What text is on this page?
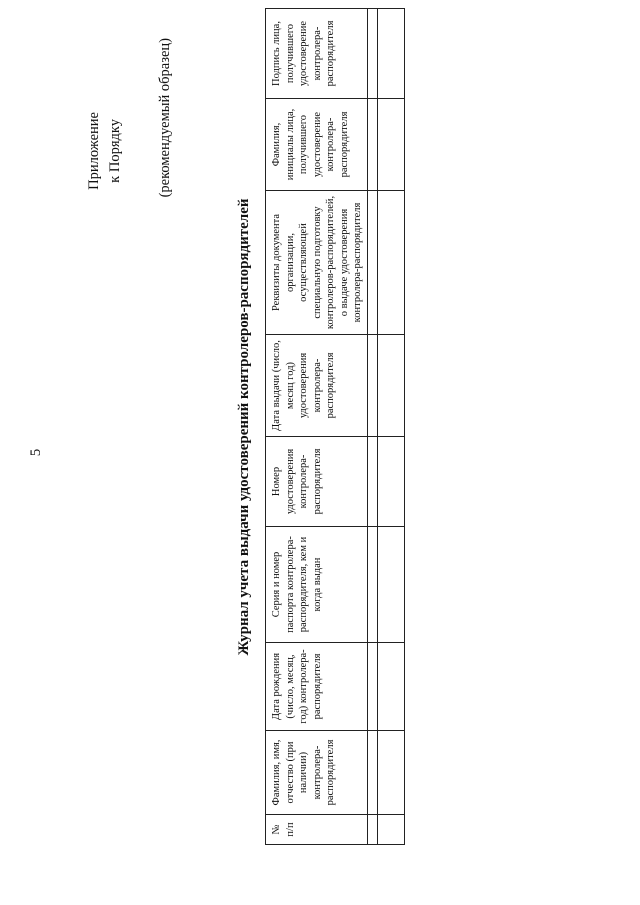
5
Приложение к Порядку (рекомендуемый образец)
Журнал учета выдачи удостоверений контролеров-распорядителей
№ п/п	Фамилия, имя, отчество (при наличии) контролера-распорядителя	Дата рождения (число, месяц, год) контролера-распорядителя	Серия и номер паспорта контролера-распорядителя, кем и когда выдан	Номер удостоверения контролера-распорядителя	Дата выдачи (число, месяц год) удостоверения контролера-распорядителя	Реквизиты документа организации, осуществляющей специальную подготовку контролеров-распорядителей, о выдаче удостоверения контролера-распорядителя	Фамилия, инициалы лица, получившего удостоверение контролера-распорядителя	Подпись лица, получившего удостоверение контролера-распорядителя
